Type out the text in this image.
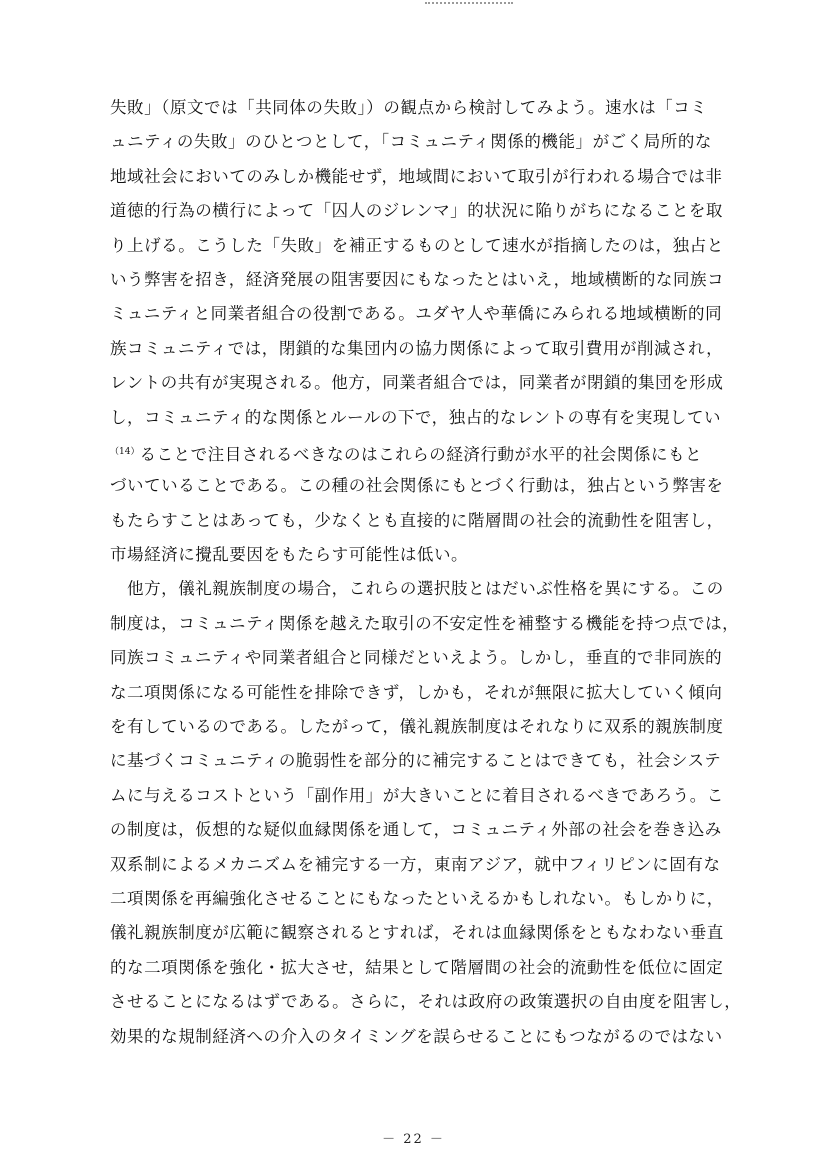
失敗」（原文では「共同体の失敗」）の観点から検討してみよう。速水は「コミ
ュニティの失敗」のひとつとして，「コミュニティ関係的機能」がごく局所的な
地域社会においてのみしか機能せず，地域間において取引が行われる場合では非
道徳的行為の横行によって「囚人のジレンマ」的状況に陥りがちになることを取
り上げる。こうした「失敗」を補正するものとして速水が指摘したのは，独占と
いう弊害を招き，経済発展の阻害要因にもなったとはいえ，地域横断的な同族コ
ミュニティと同業者組合の役割である。ユダヤ人や華僑にみられる地域横断的同
族コミュニティでは，閉鎖的な集団内の協力関係によって取引費用が削減され，
レントの共有が実現される。他方，同業者組合では，同業者が閉鎖的集団を形成
し，コミュニティ的な関係とルールの下で，独占的なレントの専有を実現してい
$^{(14)}$ることで注目されるべきなのはこれらの経済行動が水平的社会関係にもと
づいていることである。この種の社会関係にもとづく行動は，独占という弊害を
もたらすことはあっても，少なくとも直接的に階層間の社会的流動性を阻害し，
市場経済に攪乱要因をもたらす可能性は低い。
　他方，儀礼親族制度の場合，これらの選択肢とはだいぶ性格を異にする。この
制度は，コミュニティ関係を越えた取引の不安定性を補整する機能を持つ点では，
同族コミュニティや同業者組合と同様だといえよう。しかし，垂直的で非同族的
な二項関係になる可能性を排除できず，しかも，それが無限に拡大していく傾向
を有しているのである。したがって，儀礼親族制度はそれなりに双系的親族制度
に基づくコミュニティの脆弱性を部分的に補完することはできても，社会システ
ムに与えるコストという「副作用」が大きいことに着目されるべきであろう。こ
の制度は，仮想的な疑似血縁関係を通して，コミュニティ外部の社会を巻き込み
双系制によるメカニズムを補完する一方，東南アジア，就中フィリピンに固有な
二項関係を再編強化させることにもなったといえるかもしれない。もしかりに，
儀礼親族制度が広範に観察されるとすれば，それは血縁関係をともなわない垂直
的な二項関係を強化・拡大させ，結果として階層間の社会的流動性を低位に固定
させることになるはずである。さらに，それは政府の政策選択の自由度を阻害し，
効果的な規制経済への介入のタイミングを誤らせることにもつながるのではない
－ 22 －
